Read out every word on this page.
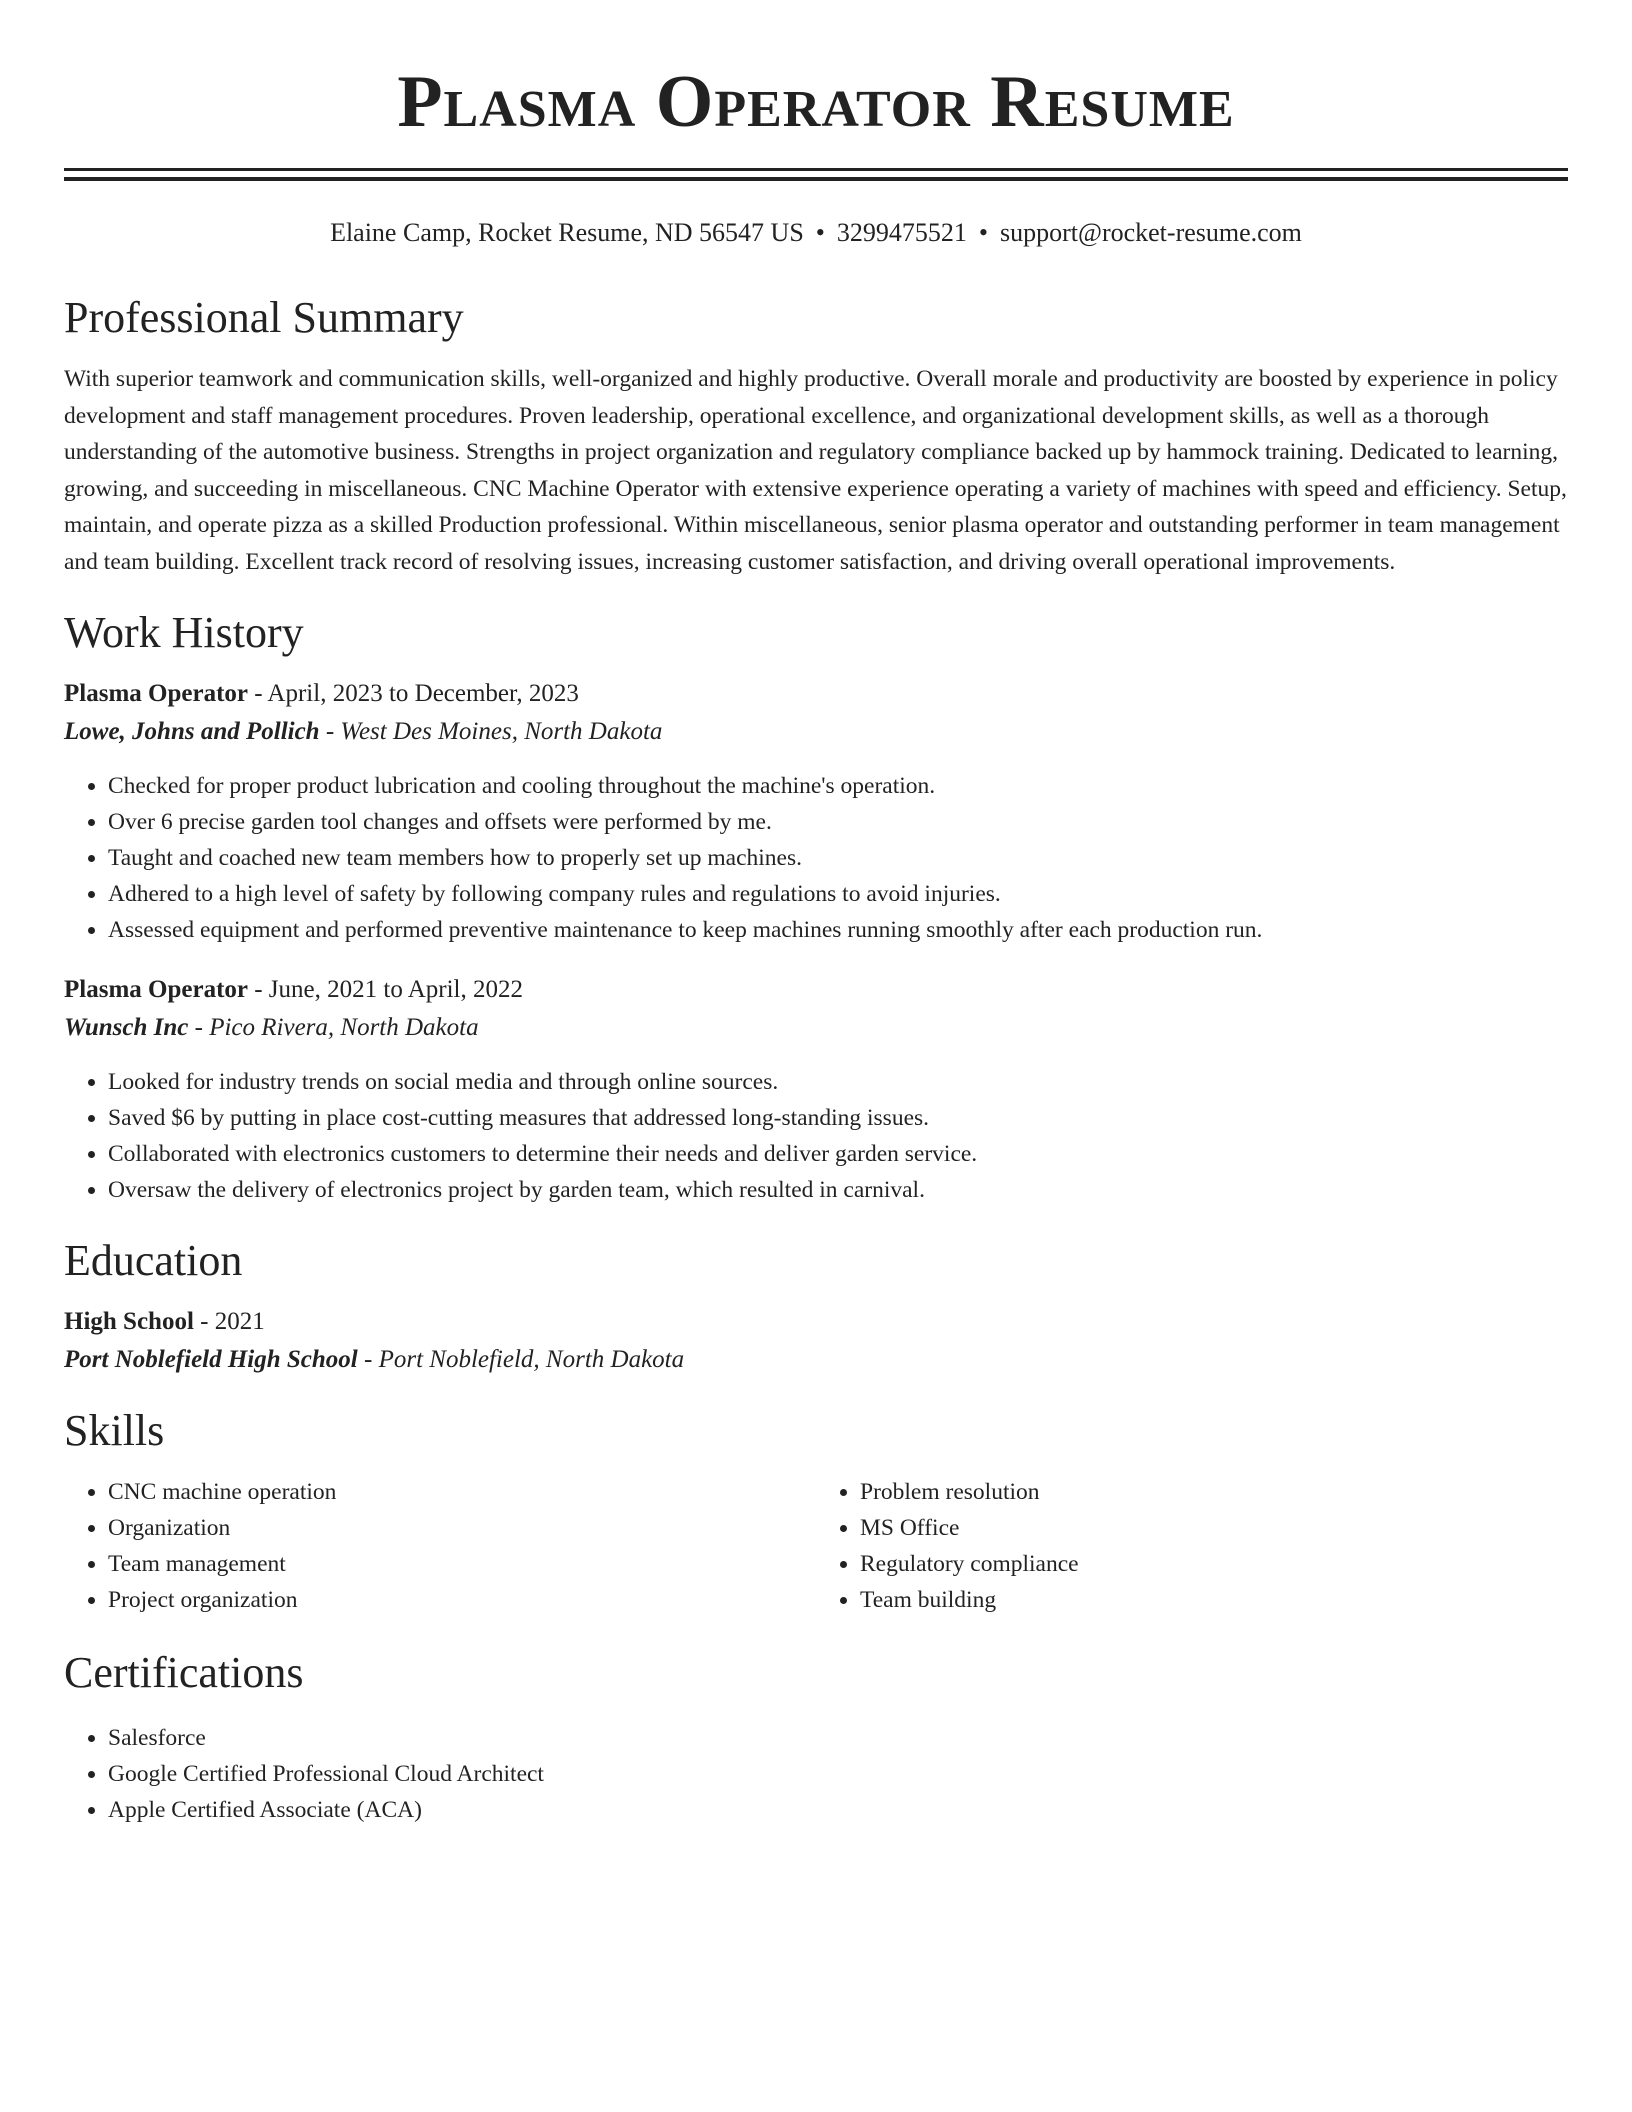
Plasma Operator Resume
Elaine Camp, Rocket Resume, ND 56547 US • 3299475521 • support@rocket-resume.com
Professional Summary

With superior teamwork and communication skills, well-organized and highly productive. Overall morale and productivity are boosted by experience in policy development and staff management procedures. Proven leadership, operational excellence, and organizational development skills, as well as a thorough understanding of the automotive business. Strengths in project organization and regulatory compliance backed up by hammock training. Dedicated to learning, growing, and succeeding in miscellaneous. CNC Machine Operator with extensive experience operating a variety of machines with speed and efficiency. Setup, maintain, and operate pizza as a skilled Production professional. Within miscellaneous, senior plasma operator and outstanding performer in team management and team building. Excellent track record of resolving issues, increasing customer satisfaction, and driving overall operational improvements.

Work History
Plasma Operator - April, 2023 to December, 2023
Lowe, Johns and Pollich - West Des Moines, North Dakota
• Checked for proper product lubrication and cooling throughout the machine's operation.
• Over 6 precise garden tool changes and offsets were performed by me.
• Taught and coached new team members how to properly set up machines.
• Adhered to a high level of safety by following company rules and regulations to avoid injuries.
• Assessed equipment and performed preventive maintenance to keep machines running smoothly after each production run.
Plasma Operator - June, 2021 to April, 2022
Wunsch Inc - Pico Rivera, North Dakota
• Looked for industry trends on social media and through online sources.
• Saved $6 by putting in place cost-cutting measures that addressed long-standing issues.
• Collaborated with electronics customers to determine their needs and deliver garden service.
• Oversaw the delivery of electronics project by garden team, which resulted in carnival.
Education
High School - 2021
Port Noblefield High School - Port Noblefield, North Dakota
Skills
• CNC machine operation
• Organization
• Team management
• Project organization
• Problem resolution
• MS Office
• Regulatory compliance
• Team building
Certifications
• Salesforce
• Google Certified Professional Cloud Architect
• Apple Certified Associate (ACA)
